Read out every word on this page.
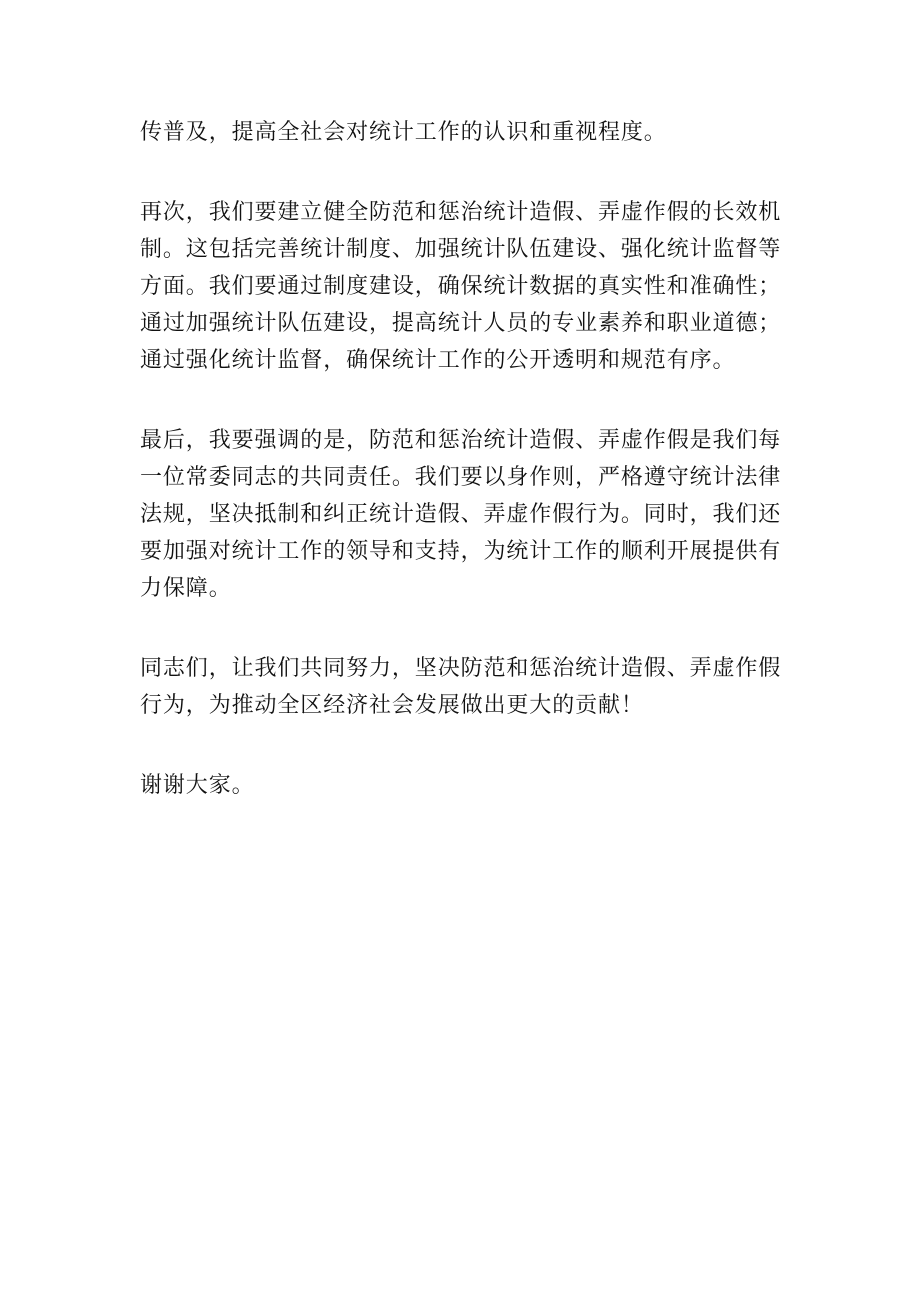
传普及，提高全社会对统计工作的认识和重视程度。

再次，我们要建立健全防范和惩治统计造假、弄虚作假的长效机
制。这包括完善统计制度、加强统计队伍建设、强化统计监督等
方面。我们要通过制度建设，确保统计数据的真实性和准确性；
通过加强统计队伍建设，提高统计人员的专业素养和职业道德；
通过强化统计监督，确保统计工作的公开透明和规范有序。

最后，我要强调的是，防范和惩治统计造假、弄虚作假是我们每
一位常委同志的共同责任。我们要以身作则，严格遵守统计法律
法规，坚决抵制和纠正统计造假、弄虚作假行为。同时，我们还
要加强对统计工作的领导和支持，为统计工作的顺利开展提供有
力保障。

同志们，让我们共同努力，坚决防范和惩治统计造假、弄虚作假
行为，为推动全区经济社会发展做出更大的贡献！

谢谢大家。
